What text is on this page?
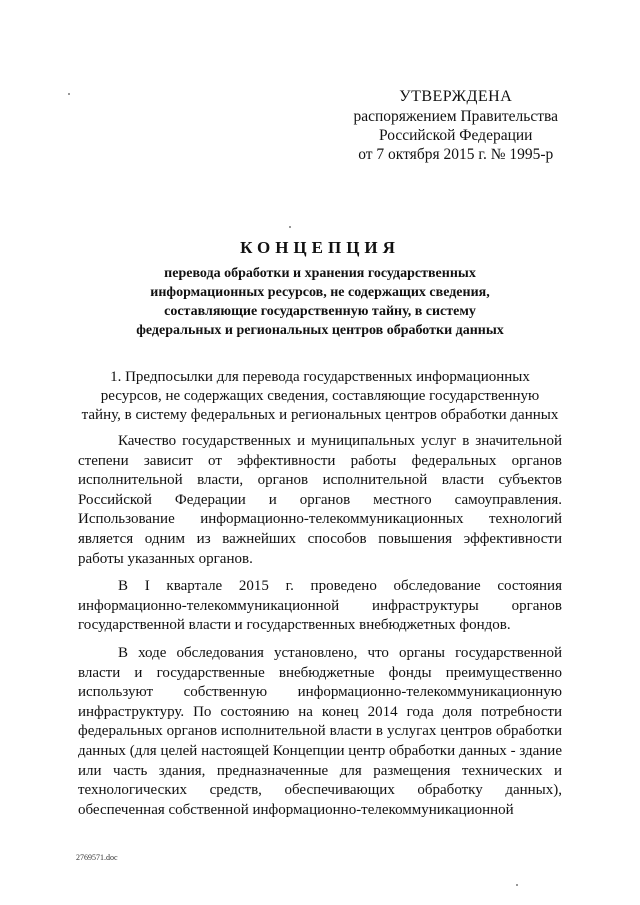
УТВЕРЖДЕНА
распоряжением Правительства
Российской Федерации
от 7 октября 2015 г. № 1995-р
КОНЦЕПЦИЯ
перевода обработки и хранения государственных информационных ресурсов, не содержащих сведения, составляющие государственную тайну, в систему федеральных и региональных центров обработки данных
1. Предпосылки для перевода государственных информационных ресурсов, не содержащих сведения, составляющие государственную тайну, в систему федеральных и региональных центров обработки данных

Качество государственных и муниципальных услуг в значительной степени зависит от эффективности работы федеральных органов исполнительной власти, органов исполнительной власти субъектов Российской Федерации и органов местного самоуправления. Использование информационно-телекоммуникационных технологий является одним из важнейших способов повышения эффективности работы указанных органов.

В I квартале 2015 г. проведено обследование состояния информационно-телекоммуникационной инфраструктуры органов государственной власти и государственных внебюджетных фондов.

В ходе обследования установлено, что органы государственной власти и государственные внебюджетные фонды преимущественно используют собственную информационно-телекоммуникационную инфраструктуру. По состоянию на конец 2014 года доля потребности федеральных органов исполнительной власти в услугах центров обработки данных (для целей настоящей Концепции центр обработки данных - здание или часть здания, предназначенные для размещения технических и технологических средств, обеспечивающих обработку данных), обеспеченная собственной информационно-телекоммуникационной

2769571.doc
